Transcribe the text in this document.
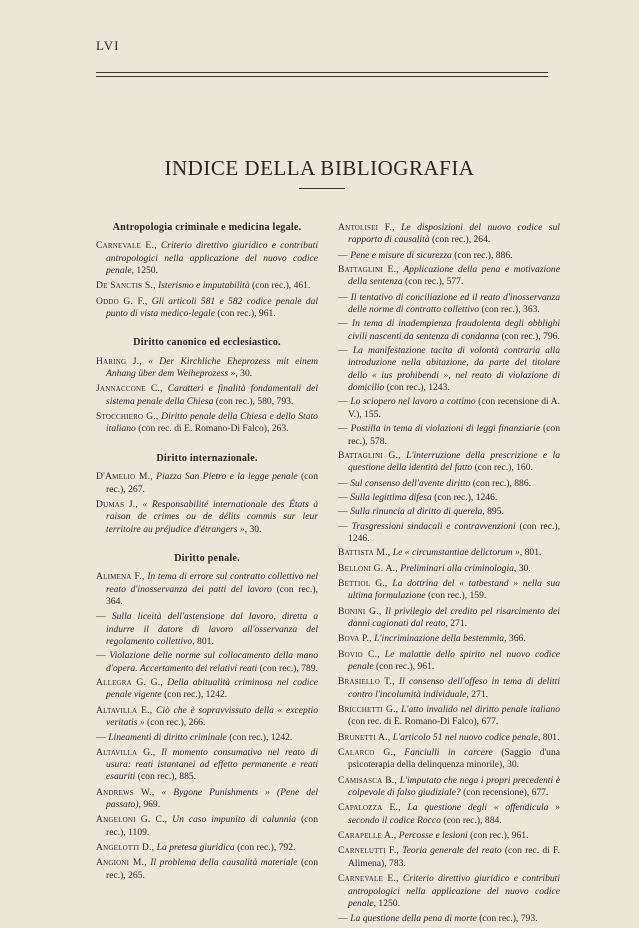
LVI
INDICE DELLA BIBLIOGRAFIA
Antropologia criminale e medicina legale.
Carnevale E., Criterio direttivo giuridico e contributi antropologici nella applicazione del nuovo codice penale, 1250.
De Sanctis S., Isterismo e imputabilità (con rec.), 461.
Oddo G. F., Gli articoli 581 e 582 codice penale dal punto di vista medico-legale (con rec.), 961.
Diritto canonico ed ecclesiastico.
Haring J., « Der Kirchliche Eheprozess mit einem Anhang über dem Weiheprozess », 30.
Jannaccone C., Caratteri e finalità fondamentali del sistema penale della Chiesa (con rec.), 580, 793.
Stocchiero G., Diritto penale della Chiesa e dello Stato italiano (con rec. di E. Romano-Di Falco), 263.
Diritto internazionale.
D'Amelio M., Piazza San Pietro e la legge penale (con rec.), 267.
Dumas J., « Responsabilité internationale des États à raison de crimes ou de délits commis sur leur territoire au préjudice d'étrangers », 30.
Diritto penale.
Alimena F., In tema di errore sul contratto collettivo nel reato d'inosservanza dei patti del lavoro (con rec.), 364.
— Sulla liceità dell'astensione dal lavoro, diretta a indurre il datore di lavoro all'osservanza del regolamento collettivo, 801.
— Violazione delle norme sul collocamento della mano d'opera. Accertamento dei relativi reati (con rec.), 789.
Allegra G. G., Della abitualità criminosa nel codice penale vigente (con rec.), 1242.
Altavilla E., Ciò che è sopravvissuto della « exceptio veritatis » (con rec.), 266.
— Lineamenti di diritto criminale (con rec.), 1242.
Altavilla G., Il momento consumativo nel reato di usura: reati istantanei ad effetto permanente e reati esauriti (con rec.), 885.
Andrews W., « Bygone Punishments » (Pene del passato), 969.
Angeloni G. C., Un caso impunito di calunnia (con rec.), 1109.
Angelotti D., La pretesa giuridica (con rec.), 792.
Angioni M., Il problema della causalità materiale (con rec.), 265.
Antolisei F., Le disposizioni del nuovo codice sul rapporto di causalità (con rec.), 264.
— Pene e misure di sicurezza (con rec.), 886.
Battaglini E., Applicazione della pena e motivazione della sentenza (con rec.), 577.
— Il tentativo di conciliazione ed il reato d'inosservanza delle norme di contratto collettivo (con rec.), 363.
— In tema di inadempienza fraudolenta degli obblighi civili nascenti da sentenza di condanna (con rec.), 796.
— La manifestazione tacita di volontà contraria alla introduzione nella abitazione, da parte del titolare dello « ius prohibendi », nel reato di violazione di domicilio (con rec.), 1243.
— Lo sciopero nel lavoro a cottimo (con recensione di A. V.), 155.
— Postilla in tema di violazioni di leggi finanziarie (con rec.), 578.
Battaglini G., L'interruzione della prescrizione e la questione della identità del fatto (con rec.), 160.
— Sul consenso dell'avente diritto (con rec.), 886.
— Sulla legittima difesa (con rec.), 1246.
— Sulla rinuncia al diritto di querela, 895.
— Trasgressioni sindacali e contravvenzioni (con rec.), 1246.
Battista M., Le « circumstantiae delictorum », 801.
Belloni G. A., Preliminari alla criminologia, 30.
Bettiol G., La dottrina del « tatbestand » nella sua ultima formulazione (con rec.), 159.
Bonini G., Il privilegio del credito pel risarcimento dei danni cagionati dal reato, 271.
Bova P., L'incriminazione della bestemmia, 366.
Bovio C., Le malattie dello spirito nel nuovo codice penale (con rec.), 961.
Brasiello T., Il consenso dell'offeso in tema di delitti contro l'incolumità individuale, 271.
Bricchetti G., L'atto invalido nel diritto penale italiano (con rec. di E. Romano-Di Falco), 677.
Brunetti A., L'articolo 51 nel nuovo codice penale, 801.
Calarco G., Fanciulli in carcere (Saggio d'una psicoterapia della delinquenza minorile), 30.
Camisasca B., L'imputato che nega i propri precedenti è colpevole di falso giudiziale? (con recensione), 677.
Capalozza E., La questione degli « offendicula » secondo il codice Rocco (con rec.), 884.
Carapelle A., Percosse e lesioni (con rec.), 961.
Carnelutti F., Teoria generale del reato (con rec. di F. Alimena), 783.
Carnevale E., Criterio direttivo giuridico e contributi antropologici nella applicazione del nuovo codice penale, 1250.
— La questione della pena di morte (con rec.), 793.
